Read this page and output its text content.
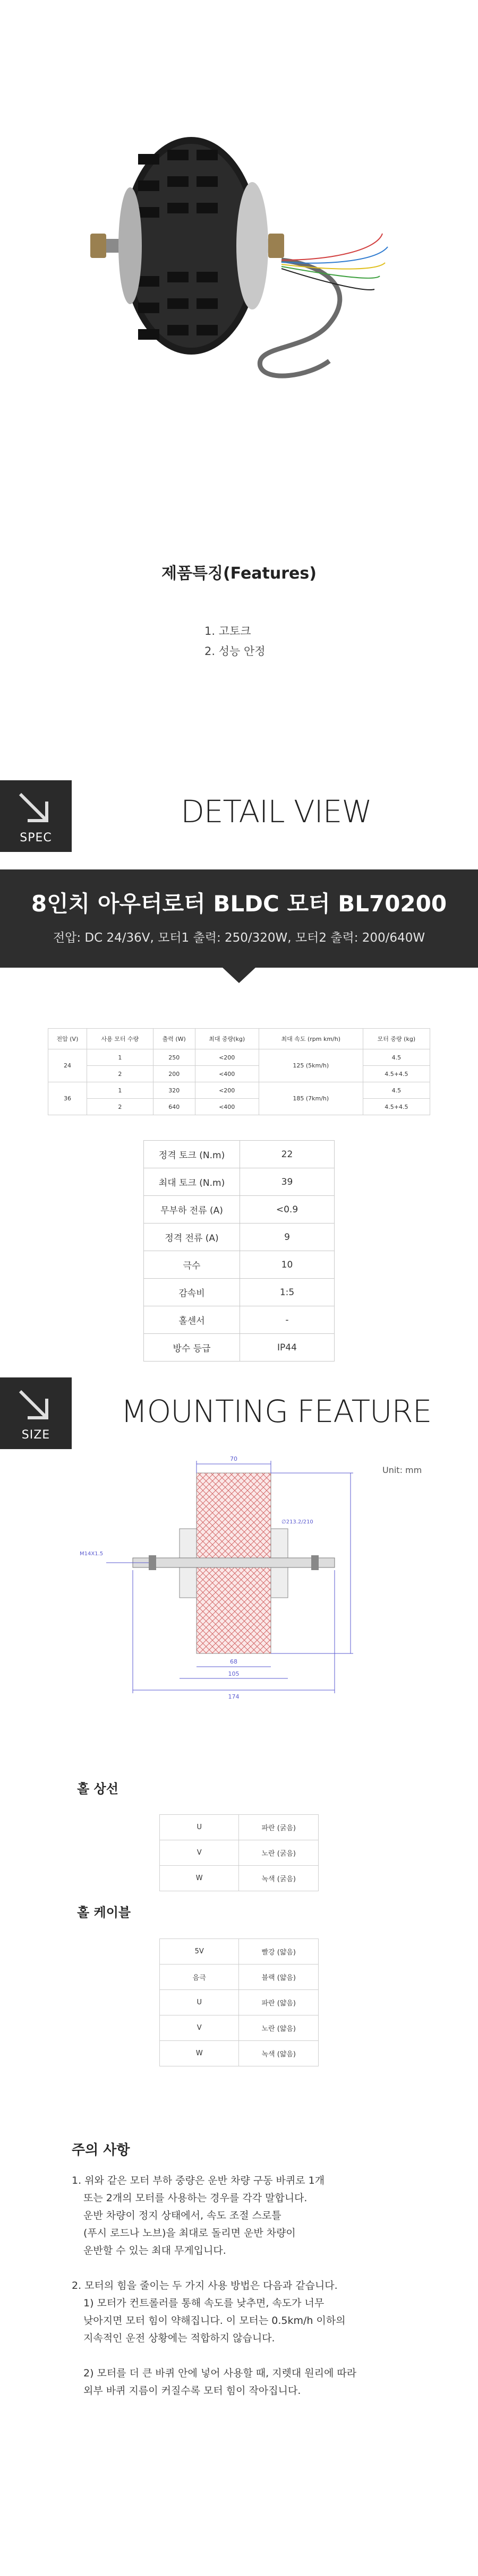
제품특징(Features)
1. 고토크
2. 성능 안정
SPEC
DETAIL VIEW
8인치 아우터로터 BLDC 모터 BL70200
전압: DC 24/36V, 모터1 출력: 250/320W, 모터2 출력: 200/640W
전압 (V)	사용 모터 수량	출력 (W)	최대 중량(kg)	최대 속도 (rpm km/h)	모터 중량 (kg)
24	1	250	<200	125 (5km/h)	4.5
	2	200	<400		4.5+4.5
36	1	320	<200	185 (7km/h)	4.5
	2	640	<400		4.5+4.5
정격 토크 (N.m)	22
최대 토크 (N.m)	39
무부하 전류 (A)	<0.9
정격 전류 (A)	9
극수	10
감속비	1:5
홀센서	-
방수 등급	IP44
SIZE
MOUNTING FEATURE
Unit: mm
70
68
105
174
∅213.2/210
M14X1.5
홀 상선
U	파란 (굵음)
V	노란 (굵음)
W	녹색 (굵음)
홀 케이블
5V	빨강 (얇음)
음극	블랙 (얇음)
U	파란 (얇음)
V	노란 (얇음)
W	녹색 (얇음)
주의 사항
1. 위와 같은 모터 부하 중량은 운반 차량 구동 바퀴로 1개
또는 2개의 모터를 사용하는 경우를 각각 말합니다.
운반 차량이 정지 상태에서, 속도 조절 스로틀
(푸시 로드나 노브)을 최대로 돌리면 운반 차량이
운반할 수 있는 최대 무게입니다.
2. 모터의 힘을 줄이는 두 가지 사용 방법은 다음과 같습니다.
1) 모터가 컨트롤러를 통해 속도를 낮추면, 속도가 너무
낮아지면 모터 힘이 약해집니다. 이 모터는 0.5km/h 이하의
지속적인 운전 상황에는 적합하지 않습니다.
2) 모터를 더 큰 바퀴 안에 넣어 사용할 때, 지렛대 원리에 따라
외부 바퀴 지름이 커질수록 모터 힘이 작아집니다.
